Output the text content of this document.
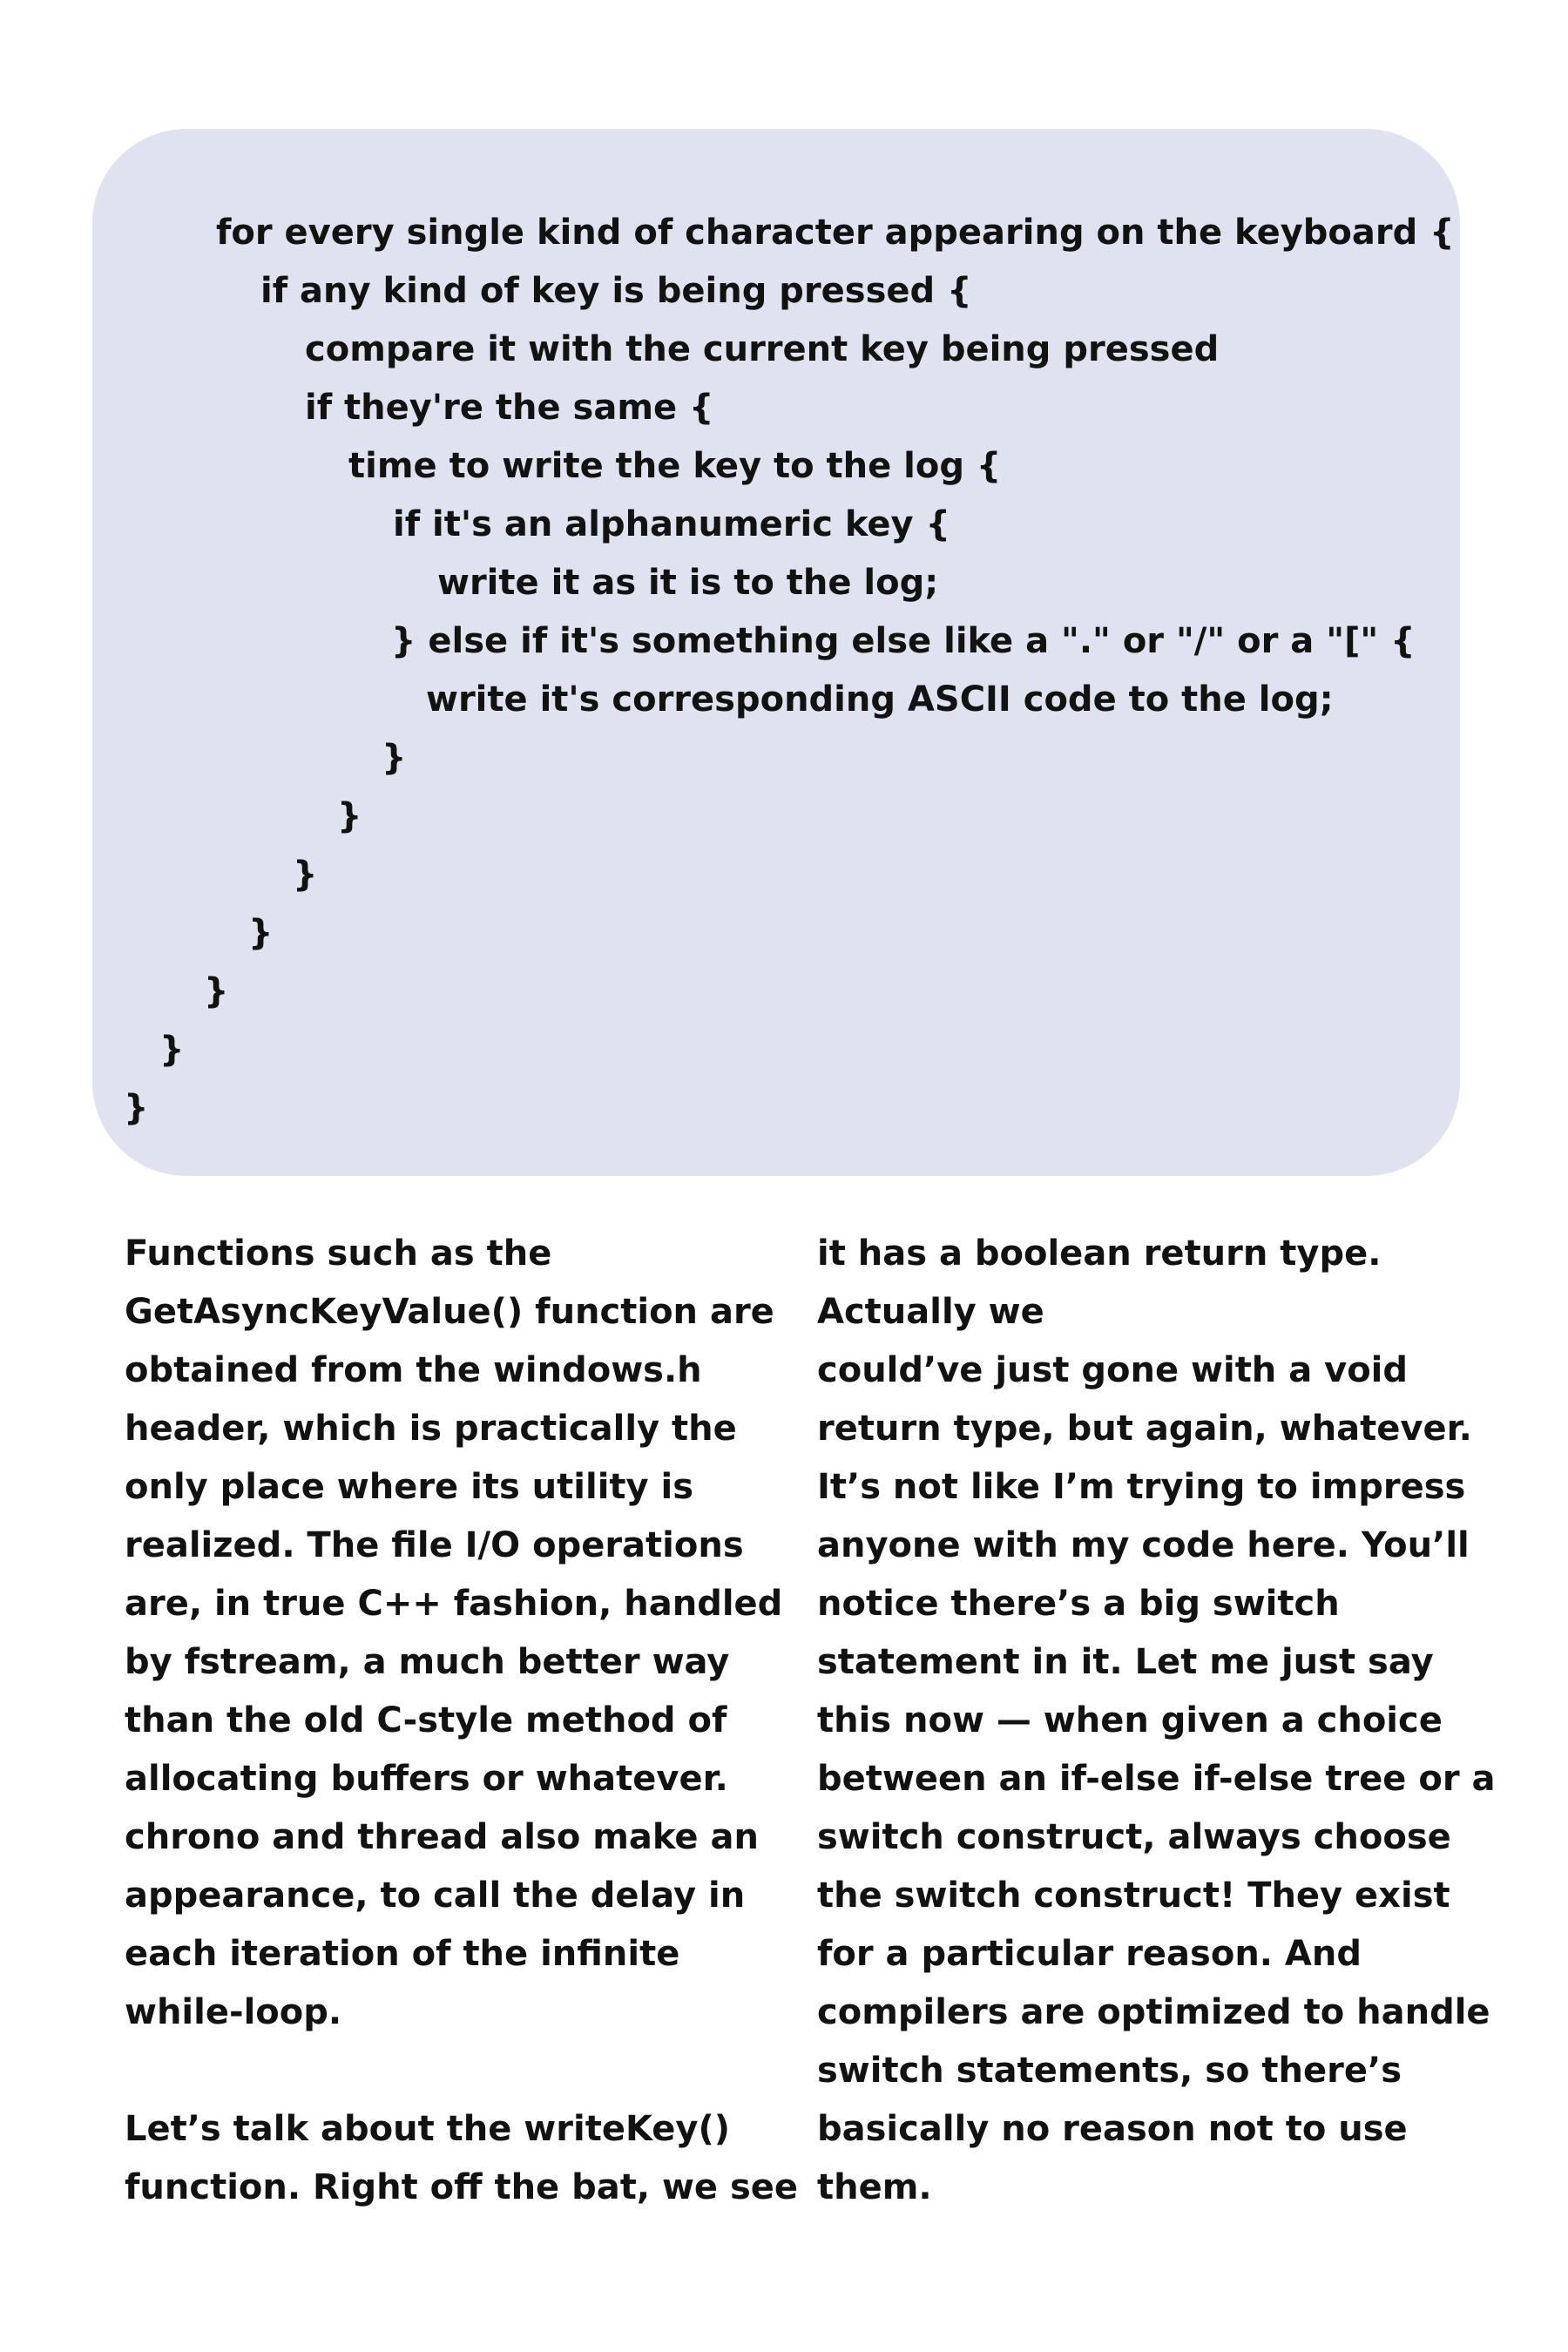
for every single kind of character appearing on the keyboard {
if any kind of key is being pressed {
compare it with the current key being pressed
if they're the same {
time to write the key to the log {
if it's an alphanumeric key {
write it as it is to the log;
} else if it's something else like a "." or "/" or a "[" {
write it's corresponding ASCII code to the log;
}
}
}
}
}
}
}
Functions such as the
GetAsyncKeyValue() function are
obtained from the windows.h
header, which is practically the
only place where its utility is
realized. The file I/O operations
are, in true C++ fashion, handled
by fstream, a much better way
than the old C-style method of
allocating buffers or whatever.
chrono and thread also make an
appearance, to call the delay in
each iteration of the infinite
while-loop.
Let’s talk about the writeKey()
function. Right off the bat, we see
it has a boolean return type.
Actually we
could’ve just gone with a void
return type, but again, whatever.
It’s not like I’m trying to impress
anyone with my code here. You’ll
notice there’s a big switch
statement in it. Let me just say
this now — when given a choice
between an if-else if-else tree or a
switch construct, always choose
the switch construct! They exist
for a particular reason. And
compilers are optimized to handle
switch statements, so there’s
basically no reason not to use
them.
